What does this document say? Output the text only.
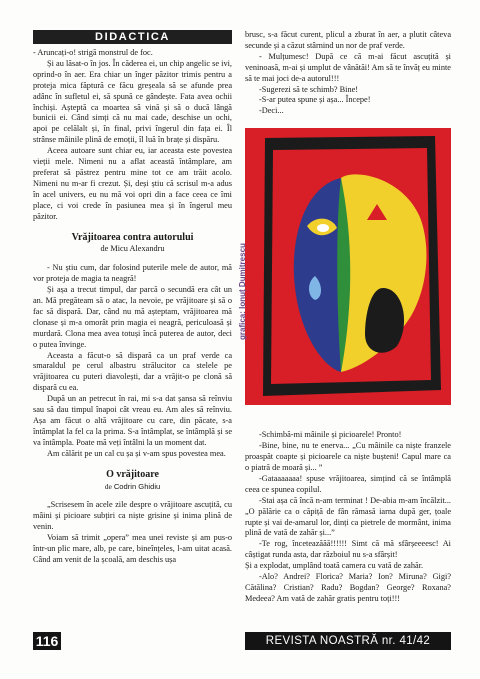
DIDACTICA

- Aruncați-o! strigă monstrul de foc.

Și au lăsat-o în jos. În căderea ei, un chip angelic se ivi, oprind-o în aer. Era chiar un înger păzitor trimis pentru a proteja mica făptură ce făcu greșeala să se afunde prea adânc în sufletul ei, să spună ce gândește. Fata avea ochii închiși. Așteptă ca moartea să vină și să o ducă lângă bunicii ei. Când simți că nu mai cade, deschise un ochi, apoi pe celălalt și, în final, privi îngerul din fața ei. Îl strânse mâinile plină de emoții, îl luă în brațe și dispăru.

Aceea autoare sunt chiar eu, iar aceasta este povestea vieții mele. Nimeni nu a aflat această întâmplare, am preferat să păstrez pentru mine tot ce am trăit acolo. Nimeni nu m-ar fi crezut. Și, deși știu că scrisul m-a adus în acel univers, eu nu mă voi opri din a face ceea ce îmi place, ci voi crede în pasiunea mea și în îngerul meu păzitor.

Vrăjitoarea contra autorului
de Micu Alexandru

- Nu știu cum, dar folosind puterile mele de autor, mă vor proteja de magia ta neagră!

Și așa a trecut timpul, dar parcă o secundă era cât un an. Mă pregăteam să o atac, la nevoie, pe vrăjitoare și să o fac să dispară. Dar, când nu mă așteptam, vrăjitoarea mă clonase și m-a omorât prin magia ei neagră, periculoasă și murdară. Clona mea avea totuși încă puterea de autor, deci o putea învinge.

Aceasta a făcut-o să dispară ca un praf verde ca smaraldul pe cerul albastru strălucitor ca stelele pe vrăjitoarea cu puteri diavolești, dar a vrăjit-o pe clonă să dispară cu ea.

După un an petrecut în rai, mi s-a dat șansa să reînviu sau să dau timpul înapoi cât vreau eu. Am ales să reînviu. Așa am făcut o altă vrăjitoare cu care, din păcate, s-a întâmplat la fel ca la prima. S-a întâmplat, se întâmplă și se va întâmpla. Poate mă veți întâlni la un moment dat.

Am călărit pe un cal cu șa și v-am spus povestea mea.

O vrăjitoare
de Codrin Ghidiu

„Scrisesem în acele zile despre o vrăjitoare ascuțită, cu mâini și picioare subțiri ca niște grisine și inima plină de venin.

Voiam să trimit „opera” mea unei reviste și am pus-o într-un plic mare, alb, pe care, bineînțeles, l-am uitat acasă. Când am venit de la școală, am deschis ușa

brusc, s-a făcut curent, plicul a zburat în aer, a plutit câteva secunde și a căzut stârnind un nor de praf verde.

- Mulțumesc! După ce că m-ai făcut ascuțită și veninoasă, m-ai și umplut de vânătăi! Am să te învăț eu minte să te mai joci de-a autorul!!!

-Sugerezi să te schimb? Bine!

-S-ar putea spune și așa... Începe!

-Deci...

-Schimbă-mi mâinile și picioarele! Pronto!

-Bine, bine, nu te enerva... „Cu mâinile ca niște franzele proaspăt coapte și picioarele ca niște bușteni! Capul mare ca o piatră de moară și... ”

-Gataaaaaaa! spuse vrăjitoarea, simțind că se întâmplă ceea ce spunea copilul.

-Stai așa că încă n-am terminat ! De-abia m-am încălzit... „O pălărie ca o căpiță de fân rămasă iarna după ger, țoale rupte și vai de-amarul lor, dinți ca pietrele de mormânt, inima plină de vată de zahăr și...”

-Te rog, înceteazăăă!!!!!! Simt că mă sfârșeeeesc! Ai câștigat runda asta, dar războiul nu s-a sfârșit!

Și a explodat, umplând toată camera cu vată de zahăr.

-Alo? Andrei? Florica? Maria? Ion? Miruna? Gigi? Cătălina? Cristian? Radu? Bogdan? George? Roxana? Medeea? Am vată de zahăr gratis pentru toți!!!

grafica: Ionuț Dumitrescu
116	REVISTA NOASTRĂ nr. 41/42
